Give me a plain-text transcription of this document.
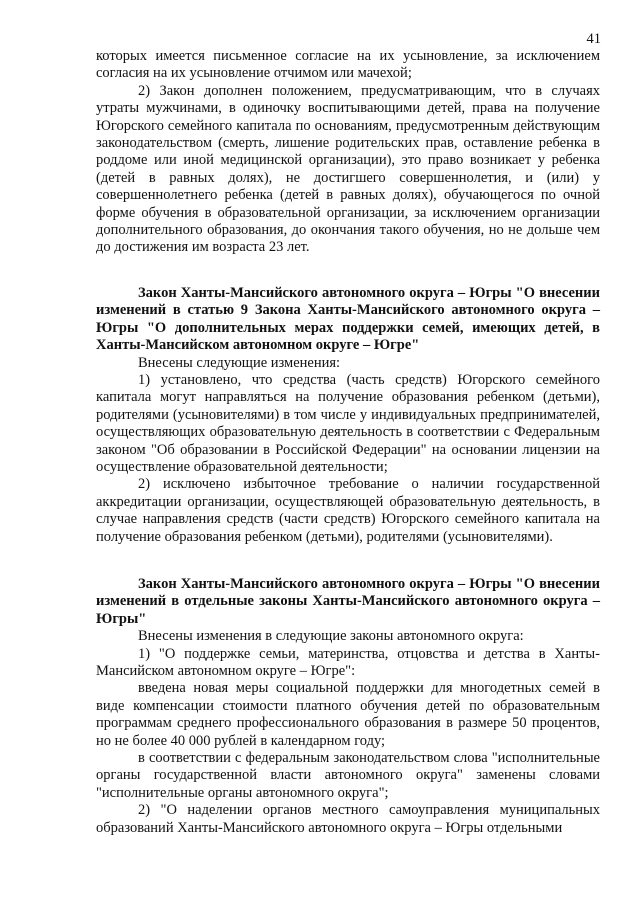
41

которых имеется письменное согласие на их усыновление, за исключением согласия на их усыновление отчимом или мачехой;

2) Закон дополнен положением, предусматривающим, что в случаях утраты мужчинами, в одиночку воспитывающими детей, права на получение Югорского семейного капитала по основаниям, предусмотренным действующим законодательством (смерть, лишение родительских прав, оставление ребенка в роддоме или иной медицинской организации), это право возникает у ребенка (детей в равных долях), не достигшего совершеннолетия, и (или) у совершеннолетнего ребенка (детей в равных долях), обучающегося по очной форме обучения в образовательной организации, за исключением организации дополнительного образования, до окончания такого обучения, но не дольше чем до достижения им возраста 23 лет.

Закон Ханты-Мансийского автономного округа – Югры "О внесении изменений в статью 9 Закона Ханты-Мансийского автономного округа – Югры "О дополнительных мерах поддержки семей, имеющих детей, в Ханты-Мансийском автономном округе – Югре"

Внесены следующие изменения:

1) установлено, что средства (часть средств) Югорского семейного капитала могут направляться на получение образования ребенком (детьми), родителями (усыновителями) в том числе у индивидуальных предпринимателей, осуществляющих образовательную деятельность в соответствии с Федеральным законом "Об образовании в Российской Федерации" на основании лицензии на осуществление образовательной деятельности;

2) исключено избыточное требование о наличии государственной аккредитации организации, осуществляющей образовательную деятельность, в случае направления средств (части средств) Югорского семейного капитала на получение образования ребенком (детьми), родителями (усыновителями).

Закон Ханты-Мансийского автономного округа – Югры "О внесении изменений в отдельные законы Ханты-Мансийского автономного округа – Югры"

Внесены изменения в следующие законы автономного округа:

1) "О поддержке семьи, материнства, отцовства и детства в Ханты-Мансийском автономном округе – Югре":

введена новая меры социальной поддержки для многодетных семей в виде компенсации стоимости платного обучения детей по образовательным программам среднего профессионального образования в размере 50 процентов, но не более 40 000 рублей в календарном году;

в соответствии с федеральным законодательством слова "исполнительные органы государственной власти автономного округа" заменены словами "исполнительные органы автономного округа";

2) "О наделении органов местного самоуправления муниципальных образований Ханты-Мансийского автономного округа – Югры отдельными
